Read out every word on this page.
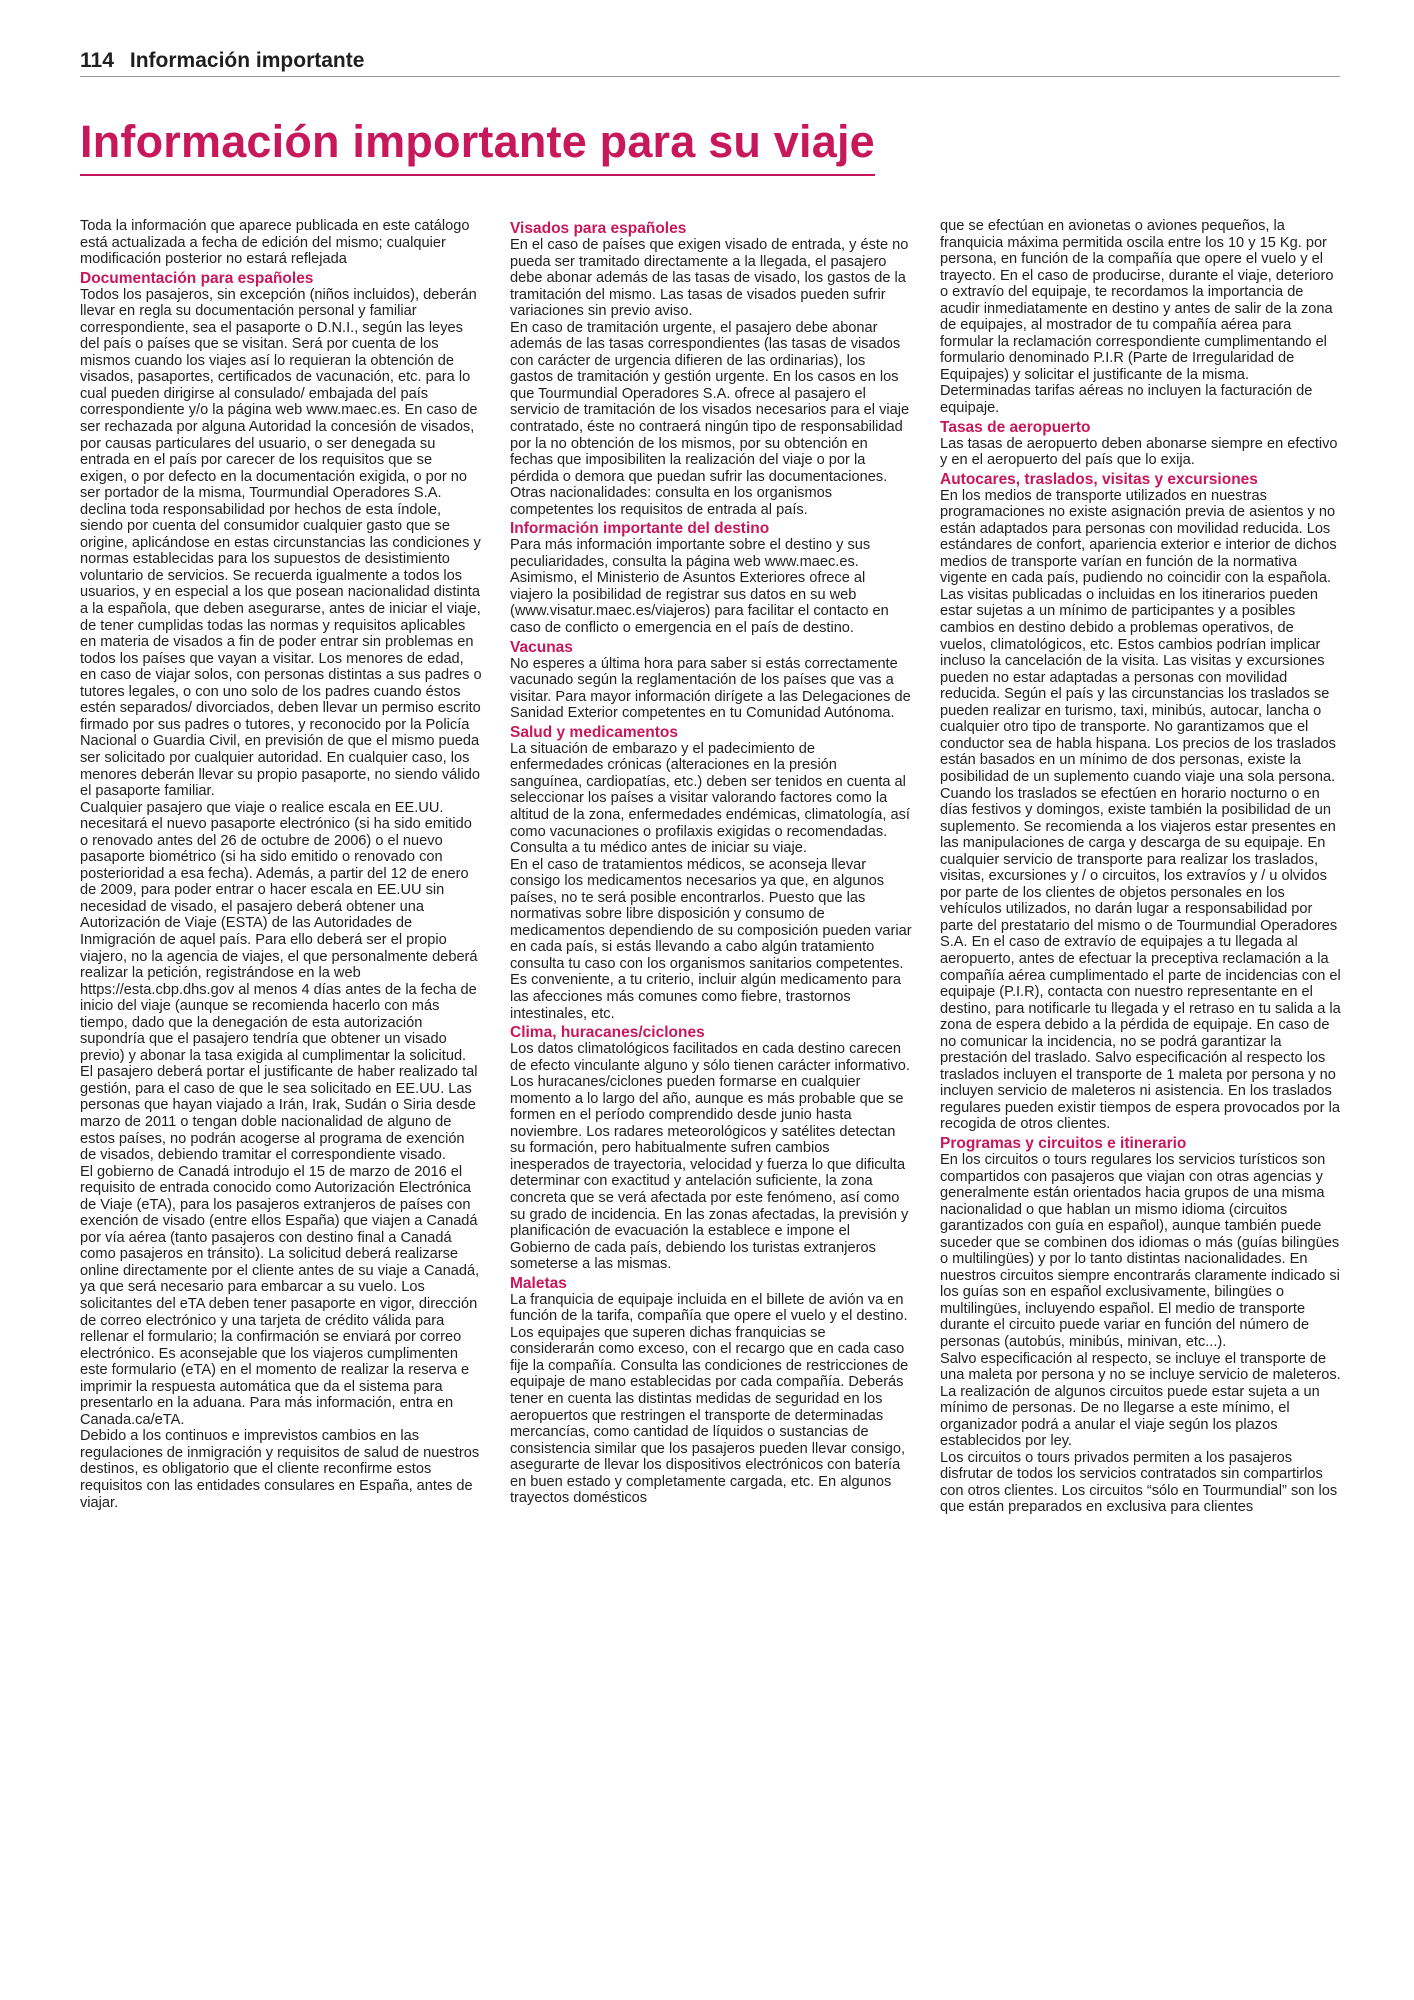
114 Información importante
Información importante para su viaje

Toda la información que aparece publicada en este catálogo está actualizada a fecha de edición del mismo; cualquier modificación posterior no estará reflejada

Documentación para españoles

Todos los pasajeros, sin excepción (niños incluidos), deberán llevar en regla su documentación personal y familiar correspondiente, sea el pasaporte o D.N.I., según las leyes del país o países que se visitan. Será por cuenta de los mismos cuando los viajes así lo requieran la obtención de visados, pasaportes, certificados de vacunación, etc. para lo cual pueden dirigirse al consulado/ embajada del país correspondiente y/o la página web www.maec.es. En caso de ser rechazada por alguna Autoridad la concesión de visados, por causas particulares del usuario, o ser denegada su entrada en el país por carecer de los requisitos que se exigen, o por defecto en la documentación exigida, o por no ser portador de la misma, Tourmundial Operadores S.A. declina toda responsabilidad por hechos de esta índole, siendo por cuenta del consumidor cualquier gasto que se origine, aplicándose en estas circunstancias las condiciones y normas establecidas para los supuestos de desistimiento voluntario de servicios. Se recuerda igualmente a todos los usuarios, y en especial a los que posean nacionalidad distinta a la española, que deben asegurarse, antes de iniciar el viaje, de tener cumplidas todas las normas y requisitos aplicables en materia de visados a fin de poder entrar sin problemas en todos los países que vayan a visitar. Los menores de edad, en caso de viajar solos, con personas distintas a sus padres o tutores legales, o con uno solo de los padres cuando éstos estén separados/ divorciados, deben llevar un permiso escrito firmado por sus padres o tutores, y reconocido por la Policía Nacional o Guardia Civil, en previsión de que el mismo pueda ser solicitado por cualquier autoridad. En cualquier caso, los menores deberán llevar su propio pasaporte, no siendo válido el pasaporte familiar.

Cualquier pasajero que viaje o realice escala en EE.UU. necesitará el nuevo pasaporte electrónico (si ha sido emitido o renovado antes del 26 de octubre de 2006) o el nuevo pasaporte biométrico (si ha sido emitido o renovado con posterioridad a esa fecha). Además, a partir del 12 de enero de 2009, para poder entrar o hacer escala en EE.UU sin necesidad de visado, el pasajero deberá obtener una Autorización de Viaje (ESTA) de las Autoridades de Inmigración de aquel país. Para ello deberá ser el propio viajero, no la agencia de viajes, el que personalmente deberá realizar la petición, registrándose en la web https://esta.cbp.dhs.gov al menos 4 días antes de la fecha de inicio del viaje (aunque se recomienda hacerlo con más tiempo, dado que la denegación de esta autorización supondría que el pasajero tendría que obtener un visado previo) y abonar la tasa exigida al cumplimentar la solicitud. El pasajero deberá portar el justificante de haber realizado tal gestión, para el caso de que le sea solicitado en EE.UU. Las personas que hayan viajado a Irán, Irak, Sudán o Siria desde marzo de 2011 o tengan doble nacionalidad de alguno de estos países, no podrán acogerse al programa de exención de visados, debiendo tramitar el correspondiente visado.

El gobierno de Canadá introdujo el 15 de marzo de 2016 el requisito de entrada conocido como Autorización Electrónica de Viaje (eTA), para los pasajeros extranjeros de países con exención de visado (entre ellos España) que viajen a Canadá por vía aérea (tanto pasajeros con destino final a Canadá como pasajeros en tránsito). La solicitud deberá realizarse online directamente por el cliente antes de su viaje a Canadá, ya que será necesario para embarcar a su vuelo. Los solicitantes del eTA deben tener pasaporte en vigor, dirección de correo electrónico y una tarjeta de crédito válida para rellenar el formulario; la confirmación se enviará por correo electrónico. Es aconsejable que los viajeros cumplimenten este formulario (eTA) en el momento de realizar la reserva e imprimir la respuesta automática que da el sistema para presentarlo en la aduana. Para más información, entra en Canada.ca/eTA.

Debido a los continuos e imprevistos cambios en las regulaciones de inmigración y requisitos de salud de nuestros destinos, es obligatorio que el cliente reconfirme estos requisitos con las entidades consulares en España, antes de viajar.

Visados para españoles

En el caso de países que exigen visado de entrada, y éste no pueda ser tramitado directamente a la llegada, el pasajero debe abonar además de las tasas de visado, los gastos de la tramitación del mismo. Las tasas de visados pueden sufrir variaciones sin previo aviso.

En caso de tramitación urgente, el pasajero debe abonar además de las tasas correspondientes (las tasas de visados con carácter de urgencia difieren de las ordinarias), los gastos de tramitación y gestión urgente. En los casos en los que Tourmundial Operadores S.A. ofrece al pasajero el servicio de tramitación de los visados necesarios para el viaje contratado, éste no contraerá ningún tipo de responsabilidad por la no obtención de los mismos, por su obtención en fechas que imposibiliten la realización del viaje o por la pérdida o demora que puedan sufrir las documentaciones. Otras nacionalidades: consulta en los organismos competentes los requisitos de entrada al país.

Información importante del destino

Para más información importante sobre el destino y sus peculiaridades, consulta la página web www.maec.es. Asimismo, el Ministerio de Asuntos Exteriores ofrece al viajero la posibilidad de registrar sus datos en su web (www.visatur.maec.es/viajeros) para facilitar el contacto en caso de conflicto o emergencia en el país de destino.

Vacunas

No esperes a última hora para saber si estás correctamente vacunado según la reglamentación de los países que vas a visitar. Para mayor información dirígete a las Delegaciones de Sanidad Exterior competentes en tu Comunidad Autónoma.

Salud y medicamentos

La situación de embarazo y el padecimiento de enfermedades crónicas (alteraciones en la presión sanguínea, cardiopatías, etc.) deben ser tenidos en cuenta al seleccionar los países a visitar valorando factores como la altitud de la zona, enfermedades endémicas, climatología, así como vacunaciones o profilaxis exigidas o recomendadas. Consulta a tu médico antes de iniciar su viaje.

En el caso de tratamientos médicos, se aconseja llevar consigo los medicamentos necesarios ya que, en algunos países, no te será posible encontrarlos. Puesto que las normativas sobre libre disposición y consumo de medicamentos dependiendo de su composición pueden variar en cada país, si estás llevando a cabo algún tratamiento consulta tu caso con los organismos sanitarios competentes. Es conveniente, a tu criterio, incluir algún medicamento para las afecciones más comunes como fiebre, trastornos intestinales, etc.

Clima, huracanes/ciclones

Los datos climatológicos facilitados en cada destino carecen de efecto vinculante alguno y sólo tienen carácter informativo.

Los huracanes/ciclones pueden formarse en cualquier momento a lo largo del año, aunque es más probable que se formen en el período comprendido desde junio hasta noviembre. Los radares meteorológicos y satélites detectan su formación, pero habitualmente sufren cambios inesperados de trayectoria, velocidad y fuerza lo que dificulta determinar con exactitud y antelación suficiente, la zona concreta que se verá afectada por este fenómeno, así como su grado de incidencia. En las zonas afectadas, la previsión y planificación de evacuación la establece e impone el Gobierno de cada país, debiendo los turistas extranjeros someterse a las mismas.

Maletas

La franquicia de equipaje incluida en el billete de avión va en función de la tarifa, compañía que opere el vuelo y el destino. Los equipajes que superen dichas franquicias se considerarán como exceso, con el recargo que en cada caso fije la compañía. Consulta las condiciones de restricciones de equipaje de mano establecidas por cada compañía. Deberás tener en cuenta las distintas medidas de seguridad en los aeropuertos que restringen el transporte de determinadas mercancías, como cantidad de líquidos o sustancias de consistencia similar que los pasajeros pueden llevar consigo, asegurarte de llevar los dispositivos electrónicos con batería en buen estado y completamente cargada, etc. En algunos trayectos domésticos

que se efectúan en avionetas o aviones pequeños, la franquicia máxima permitida oscila entre los 10 y 15 Kg. por persona, en función de la compañía que opere el vuelo y el trayecto. En el caso de producirse, durante el viaje, deterioro o extravío del equipaje, te recordamos la importancia de acudir inmediatamente en destino y antes de salir de la zona de equipajes, al mostrador de tu compañía aérea para formular la reclamación correspondiente cumplimentando el formulario denominado P.I.R (Parte de Irregularidad de Equipajes) y solicitar el justificante de la misma. Determinadas tarifas aéreas no incluyen la facturación de equipaje.

Tasas de aeropuerto

Las tasas de aeropuerto deben abonarse siempre en efectivo y en el aeropuerto del país que lo exija.

Autocares, traslados, visitas y excursiones

En los medios de transporte utilizados en nuestras programaciones no existe asignación previa de asientos y no están adaptados para personas con movilidad reducida. Los estándares de confort, apariencia exterior e interior de dichos medios de transporte varían en función de la normativa vigente en cada país, pudiendo no coincidir con la española. Las visitas publicadas o incluidas en los itinerarios pueden estar sujetas a un mínimo de participantes y a posibles cambios en destino debido a problemas operativos, de vuelos, climatológicos, etc. Estos cambios podrían implicar incluso la cancelación de la visita. Las visitas y excursiones pueden no estar adaptadas a personas con movilidad reducida. Según el país y las circunstancias los traslados se pueden realizar en turismo, taxi, minibús, autocar, lancha o cualquier otro tipo de transporte. No garantizamos que el conductor sea de habla hispana. Los precios de los traslados están basados en un mínimo de dos personas, existe la posibilidad de un suplemento cuando viaje una sola persona. Cuando los traslados se efectúen en horario nocturno o en días festivos y domingos, existe también la posibilidad de un suplemento. Se recomienda a los viajeros estar presentes en las manipulaciones de carga y descarga de su equipaje. En cualquier servicio de transporte para realizar los traslados, visitas, excursiones y / o circuitos, los extravíos y / u olvidos por parte de los clientes de objetos personales en los vehículos utilizados, no darán lugar a responsabilidad por parte del prestatario del mismo o de Tourmundial Operadores S.A. En el caso de extravío de equipajes a tu llegada al aeropuerto, antes de efectuar la preceptiva reclamación a la compañía aérea cumplimentado el parte de incidencias con el equipaje (P.I.R), contacta con nuestro representante en el destino, para notificarle tu llegada y el retraso en tu salida a la zona de espera debido a la pérdida de equipaje. En caso de no comunicar la incidencia, no se podrá garantizar la prestación del traslado. Salvo especificación al respecto los traslados incluyen el transporte de 1 maleta por persona y no incluyen servicio de maleteros ni asistencia. En los traslados regulares pueden existir tiempos de espera provocados por la recogida de otros clientes.

Programas y circuitos e itinerario

En los circuitos o tours regulares los servicios turísticos son compartidos con pasajeros que viajan con otras agencias y generalmente están orientados hacia grupos de una misma nacionalidad o que hablan un mismo idioma (circuitos garantizados con guía en español), aunque también puede suceder que se combinen dos idiomas o más (guías bilingües o multilingües) y por lo tanto distintas nacionalidades. En nuestros circuitos siempre encontrarás claramente indicado si los guías son en español exclusivamente, bilingües o multilingües, incluyendo español. El medio de transporte durante el circuito puede variar en función del número de personas (autobús, minibús, minivan, etc...).

Salvo especificación al respecto, se incluye el transporte de una maleta por persona y no se incluye servicio de maleteros. La realización de algunos circuitos puede estar sujeta a un mínimo de personas. De no llegarse a este mínimo, el organizador podrá a anular el viaje según los plazos establecidos por ley.

Los circuitos o tours privados permiten a los pasajeros disfrutar de todos los servicios contratados sin compartirlos con otros clientes. Los circuitos “sólo en Tourmundial” son los que están preparados en exclusiva para clientes
